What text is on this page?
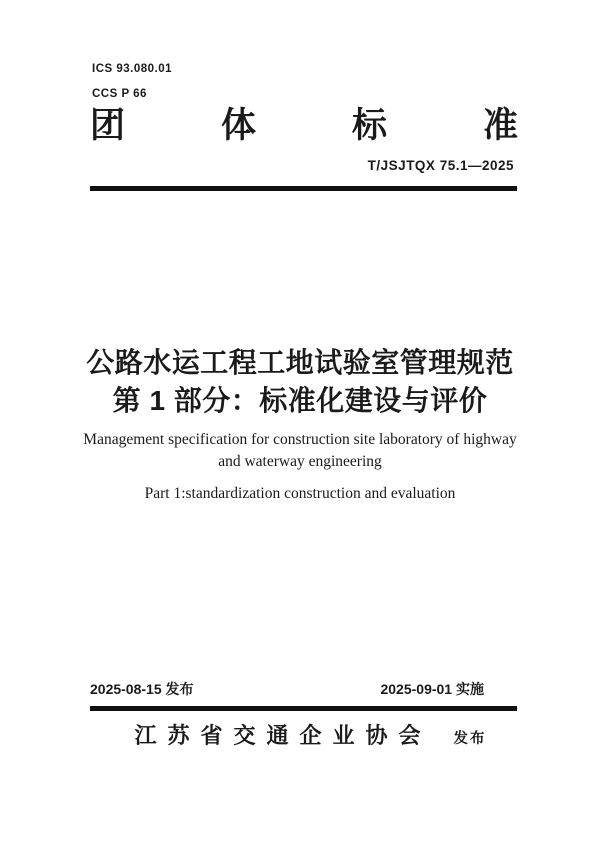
ICS 93.080.01
CCS P 66
团体标准
T/JSJTQX 75.1—2025
公路水运工程工地试验室管理规范
第 1 部分：标准化建设与评价
Management specification for construction site laboratory of highway and waterway engineering
Part 1:standardization construction and evaluation
2025-08-15 发布	2025-09-01 实施
江苏省交通企业协会 发布
